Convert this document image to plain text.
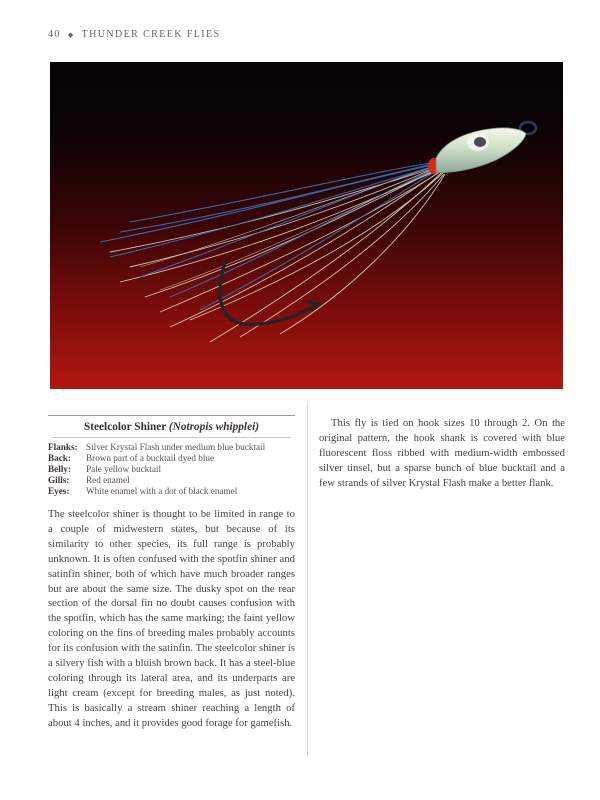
40 ◆ THUNDER CREEK FLIES
Steelcolor Shiner (Notropis whipplei)
Flanks: Silver Krystal Flash under medium blue bucktail
Back:	Brown part of a bucktail dyed blue
Belly:	Pale yellow bucktail
Gills:	Red enamel
Eyes:	White enamel with a dot of black enamel

The steelcolor shiner is thought to be limited in range to a couple of midwestern states, but because of its similarity to other species, its full range is probably unknown. It is often confused with the spotfin shiner and satinfin shiner, both of which have much broader ranges but are about the same size. The dusky spot on the rear section of the dorsal fin no doubt causes confusion with the spotfin, which has the same marking; the faint yellow coloring on the fins of breeding males probably accounts for its confusion with the satinfin. The steelcolor shiner is a silvery fish with a bluish brown back. It has a steel-blue coloring through its lateral area, and its underparts are light cream (except for breeding males, as just noted). This is basically a stream shiner reaching a length of about 4 inches, and it provides good forage for gamefish.

This fly is tied on hook sizes 10 through 2. On the original pattern, the hook shank is covered with blue fluorescent floss ribbed with medium-width embossed silver tinsel, but a sparse bunch of blue bucktail and a few strands of silver Krystal Flash make a better flank.
